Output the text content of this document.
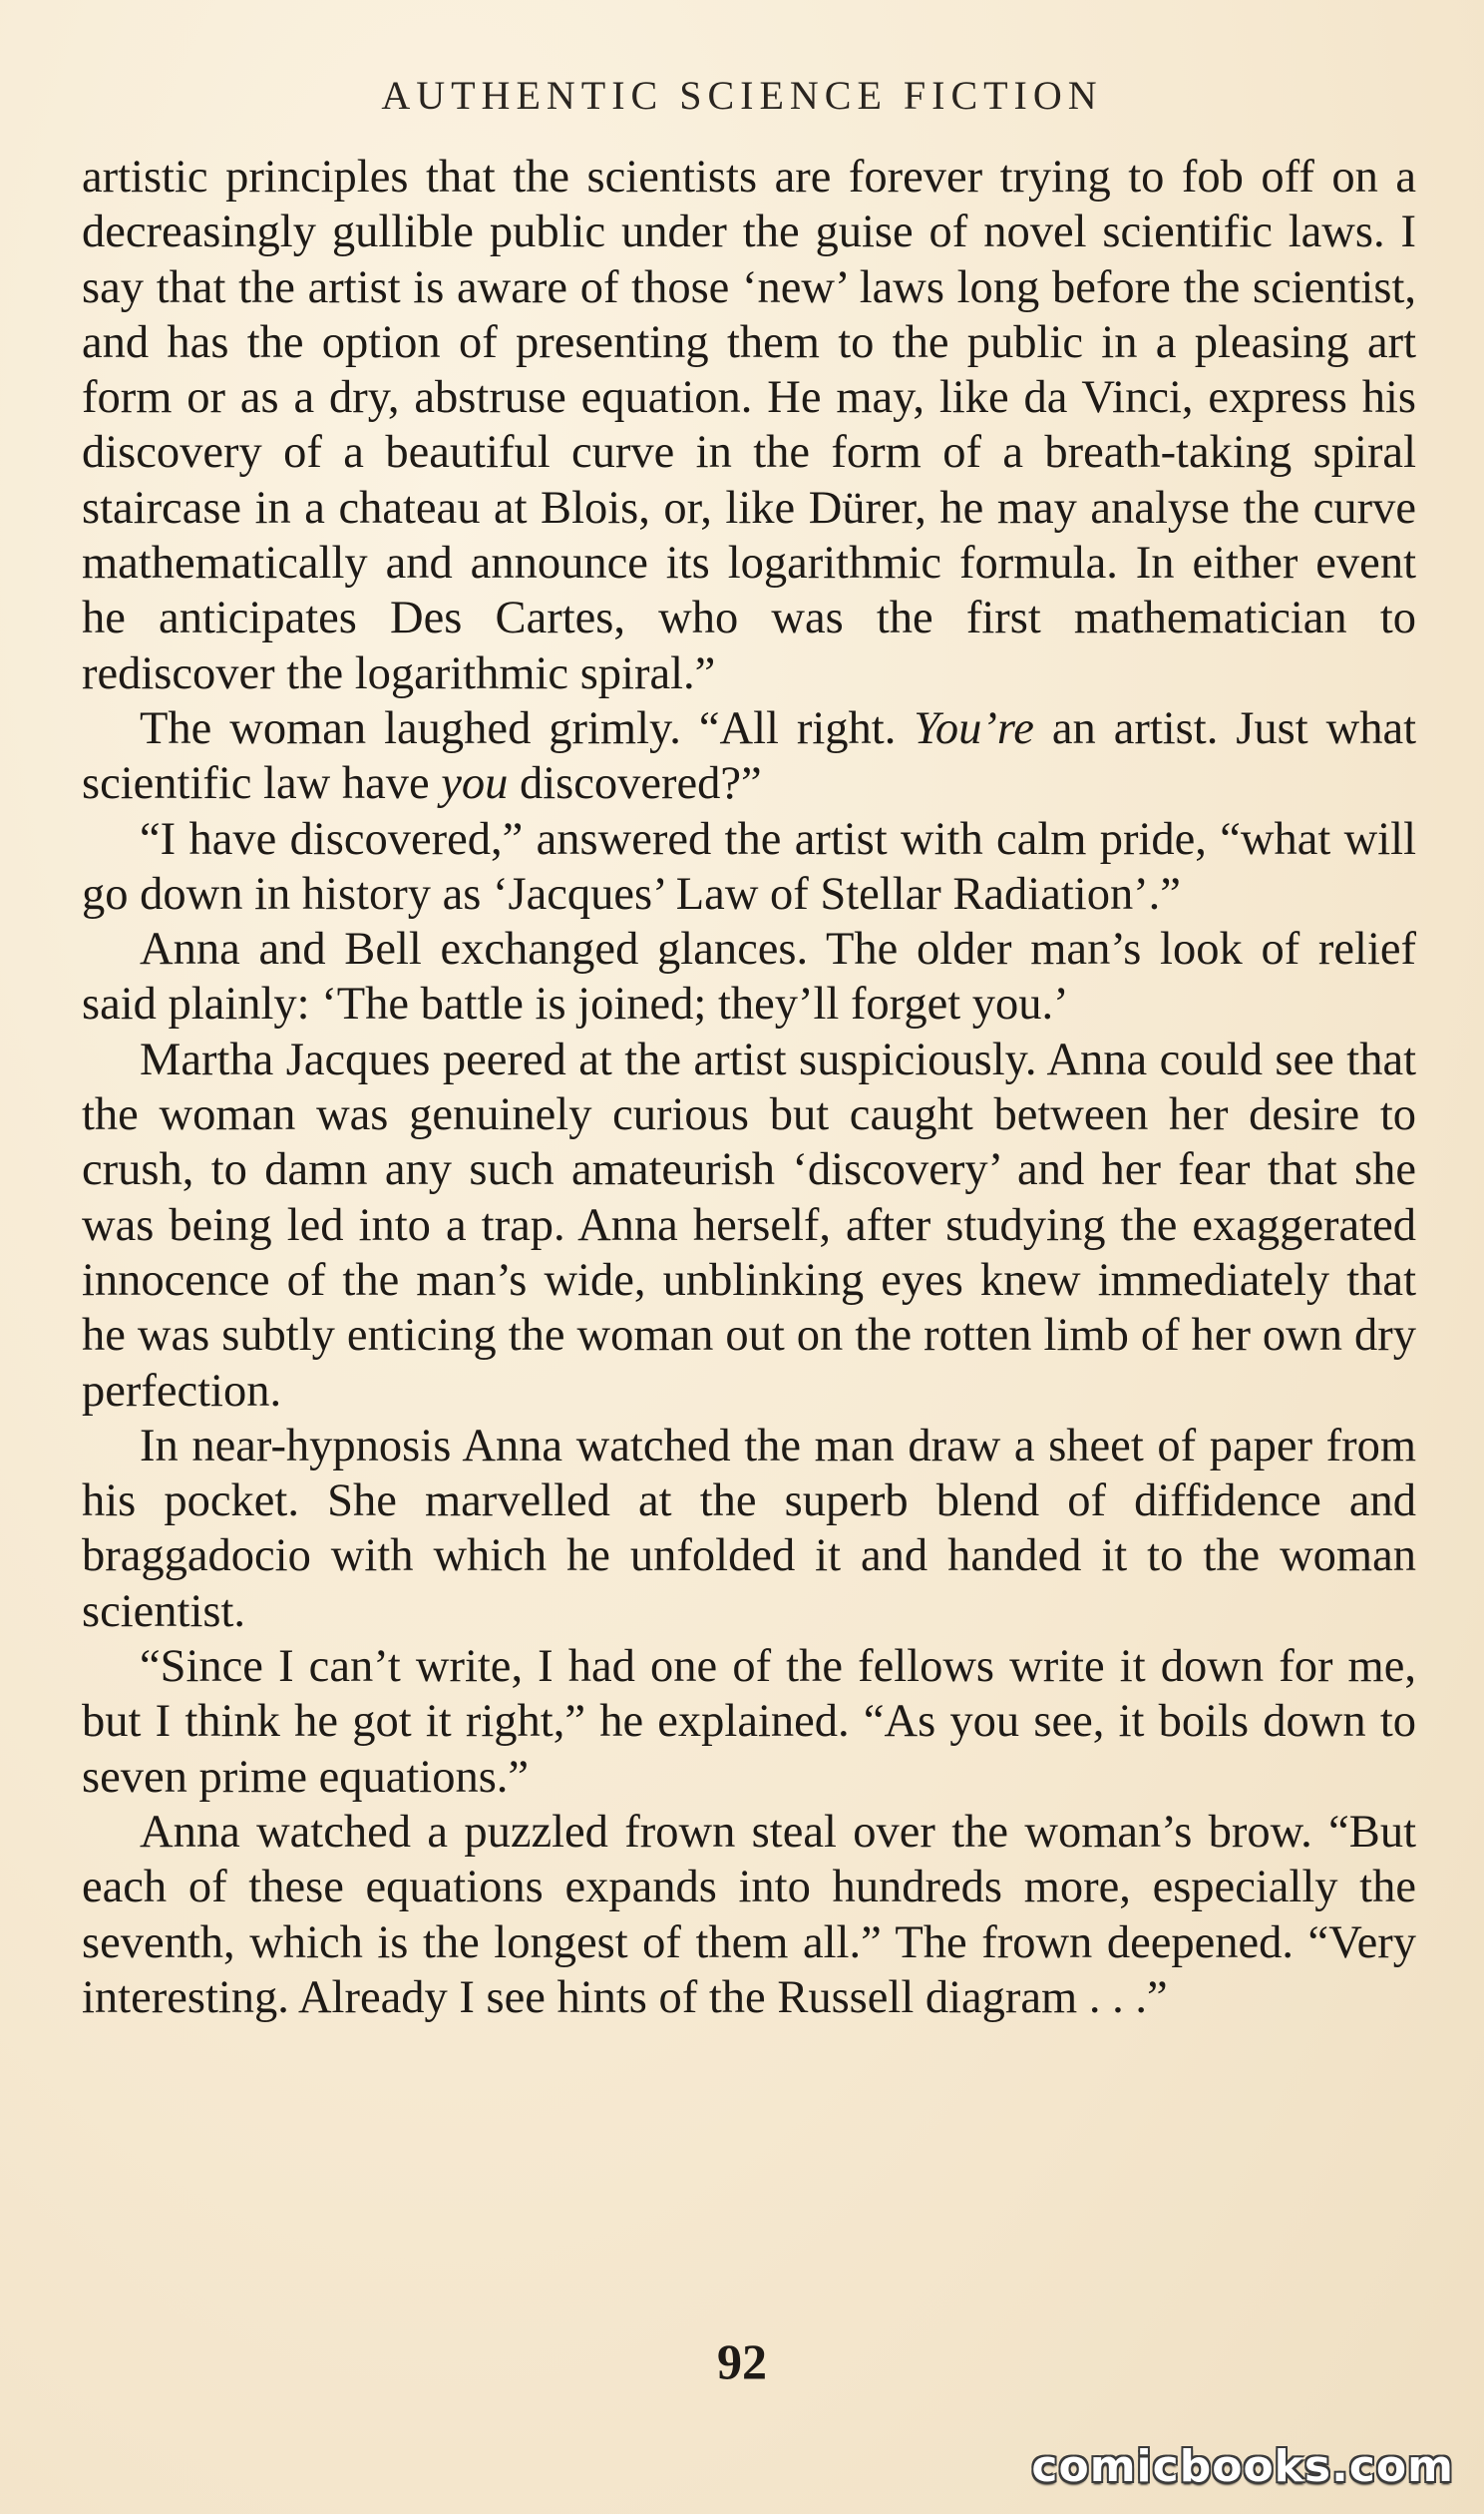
AUTHENTIC SCIENCE FICTION

artistic principles that the scientists are forever trying to fob off on a decreasingly gullible public under the guise of novel scientific laws. I say that the artist is aware of those ‘new’ laws long before the scientist, and has the option of presenting them to the public in a pleasing art form or as a dry, abstruse equation. He may, like da Vinci, express his discovery of a beautiful curve in the form of a breath-taking spiral staircase in a chateau at Blois, or, like Dürer, he may analyse the curve mathematically and announce its logarithmic formula. In either event he anticipates Des Cartes, who was the first mathematician to rediscover the logarithmic spiral.”

The woman laughed grimly. “All right. You’re an artist. Just what scientific law have you discovered?”

“I have discovered,” answered the artist with calm pride, “what will go down in history as ‘Jacques’ Law of Stellar Radiation’.”

Anna and Bell exchanged glances. The older man’s look of relief said plainly: ‘The battle is joined; they’ll forget you.’

Martha Jacques peered at the artist suspiciously. Anna could see that the woman was genuinely curious but caught between her desire to crush, to damn any such amateurish ‘discovery’ and her fear that she was being led into a trap. Anna herself, after studying the exaggerated innocence of the man’s wide, unblinking eyes knew immediately that he was subtly enticing the woman out on the rotten limb of her own dry perfection.

In near-hypnosis Anna watched the man draw a sheet of paper from his pocket. She marvelled at the superb blend of diffidence and braggadocio with which he unfolded it and handed it to the woman scientist.

“Since I can’t write, I had one of the fellows write it down for me, but I think he got it right,” he explained. “As you see, it boils down to seven prime equations.”

Anna watched a puzzled frown steal over the woman’s brow. “But each of these equations expands into hundreds more, especially the seventh, which is the longest of them all.” The frown deepened. “Very interesting. Already I see hints of the Russell diagram . . .”

92
comicbooks.com
